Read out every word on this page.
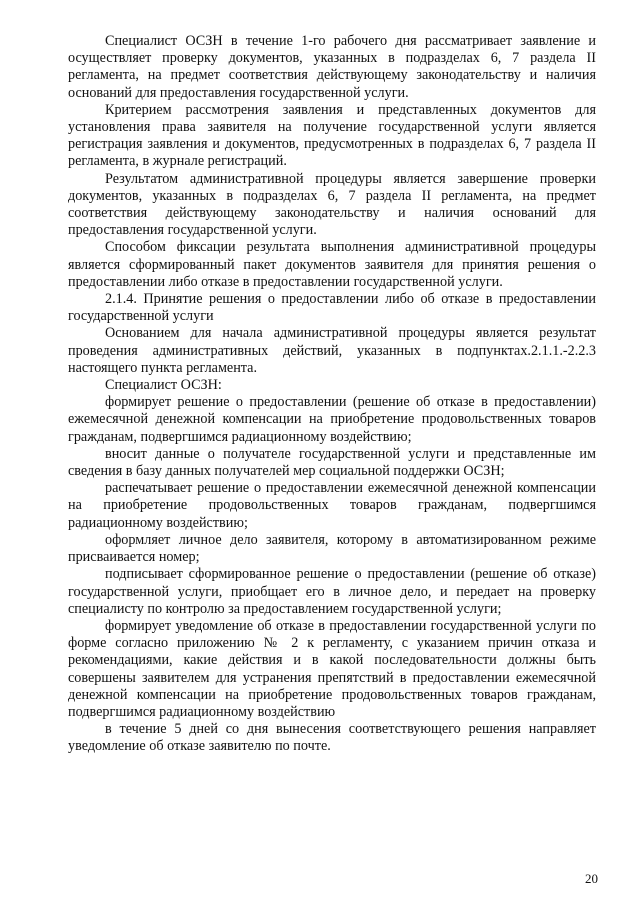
Специалист ОСЗН в течение 1-го рабочего дня рассматривает заявление и осуществляет проверку документов, указанных в подразделах 6, 7 раздела II регламента, на предмет соответствия действующему законодательству и наличия оснований для предоставления государственной услуги.

Критерием рассмотрения заявления и представленных документов для установления права заявителя на получение государственной услуги является регистрация заявления и документов, предусмотренных в подразделах 6, 7 раздела II регламента, в журнале регистраций.

Результатом административной процедуры является завершение проверки документов, указанных в подразделах 6, 7 раздела II регламента, на предмет соответствия действующему законодательству и наличия оснований для предоставления государственной услуги.

Способом фиксации результата выполнения административной процедуры является сформированный пакет документов заявителя для принятия решения о предоставлении либо отказе в предоставлении государственной услуги.

2.1.4. Принятие решения о предоставлении либо об отказе в предоставлении государственной услуги

Основанием для начала административной процедуры является результат проведения административных действий, указанных в подпунктах.2.1.1.-2.2.3 настоящего пункта регламента.

Специалист ОСЗН:

формирует решение о предоставлении (решение об отказе в предоставлении) ежемесячной денежной компенсации на приобретение продовольственных товаров гражданам, подвергшимся радиационному воздействию;

вносит данные о получателе государственной услуги и представленные им сведения в базу данных получателей мер социальной поддержки ОСЗН;

распечатывает решение о предоставлении ежемесячной денежной компенсации на приобретение продовольственных товаров гражданам, подвергшимся радиационному воздействию;

оформляет личное дело заявителя, которому в автоматизированном режиме присваивается номер;

подписывает сформированное решение о предоставлении (решение об отказе) государственной услуги, приобщает его в личное дело, и передает на проверку специалисту по контролю за предоставлением государственной услуги;

формирует уведомление об отказе в предоставлении государственной услуги по форме согласно приложению № 2 к регламенту, с указанием причин отказа и рекомендациями, какие действия и в какой последовательности должны быть совершены заявителем для устранения препятствий в предоставлении ежемесячной денежной компенсации на приобретение продовольственных товаров гражданам, подвергшимся радиационному воздействию

в течение 5 дней со дня вынесения соответствующего решения направляет уведомление об отказе заявителю по почте.

20
